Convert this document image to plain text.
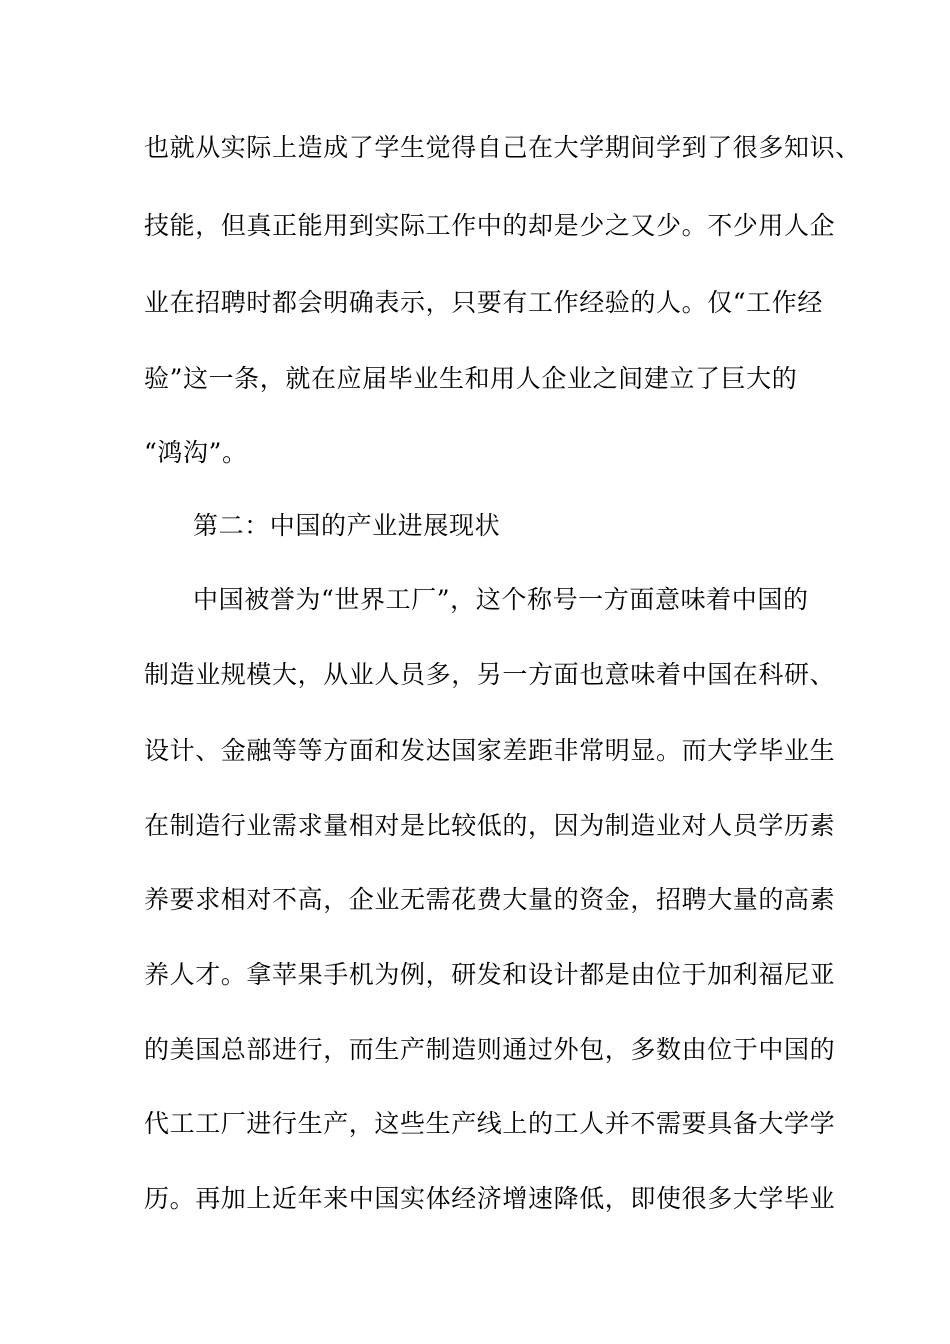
也就从实际上造成了学生觉得自己在大学期间学到了很多知识、
技能，但真正能用到实际工作中的却是少之又少。不少用人企
业在招聘时都会明确表示，只要有工作经验的人。仅“工作经
验”这一条，就在应届毕业生和用人企业之间建立了巨大的
“鸿沟”。
第二：中国的产业进展现状
中国被誉为“世界工厂”，这个称号一方面意味着中国的
制造业规模大，从业人员多，另一方面也意味着中国在科研、
设计、金融等等方面和发达国家差距非常明显。而大学毕业生
在制造行业需求量相对是比较低的，因为制造业对人员学历素
养要求相对不高，企业无需花费大量的资金，招聘大量的高素
养人才。拿苹果手机为例，研发和设计都是由位于加利福尼亚
的美国总部进行，而生产制造则通过外包，多数由位于中国的
代工工厂进行生产，这些生产线上的工人并不需要具备大学学
历。再加上近年来中国实体经济增速降低，即使很多大学毕业
